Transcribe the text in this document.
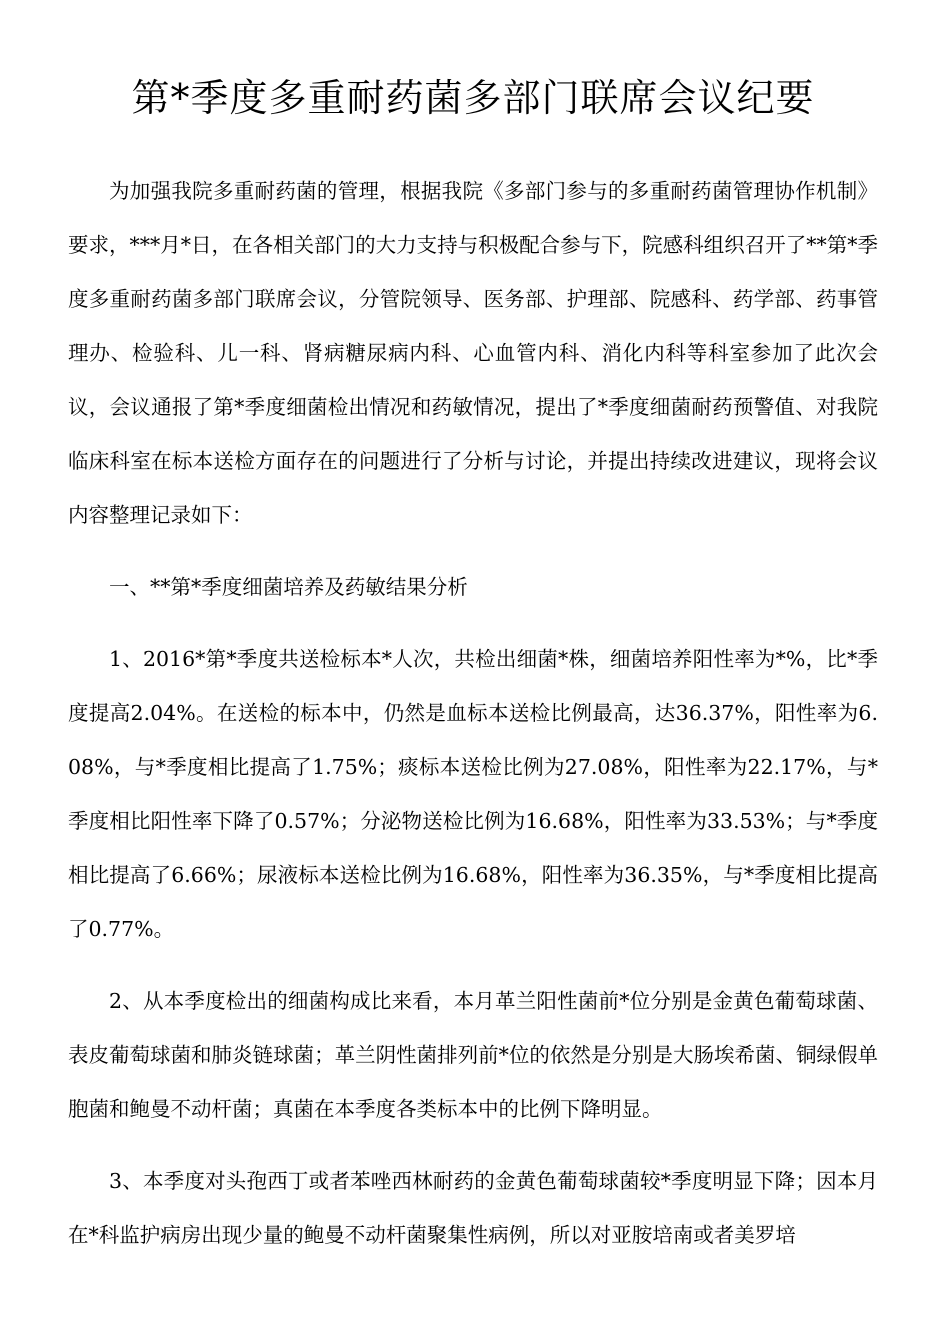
第*季度多重耐药菌多部门联席会议纪要

为加强我院多重耐药菌的管理，根据我院《多部门参与的多重耐药菌管理协作机制》要求，***月*日，在各相关部门的大力支持与积极配合参与下，院感科组织召开了**第*季度多重耐药菌多部门联席会议，分管院领导、医务部、护理部、院感科、药学部、药事管理办、检验科、儿一科、肾病糖尿病内科、心血管内科、消化内科等科室参加了此次会议，会议通报了第*季度细菌检出情况和药敏情况，提出了*季度细菌耐药预警值、对我院临床科室在标本送检方面存在的问题进行了分析与讨论，并提出持续改进建议，现将会议内容整理记录如下：

一、**第*季度细菌培养及药敏结果分析

1、2016*第*季度共送检标本*人次，共检出细菌*株，细菌培养阳性率为*%，比*季度提高2.04%。在送检的标本中，仍然是血标本送检比例最高，达36.37%，阳性率为6.08%，与*季度相比提高了1.75%；痰标本送检比例为27.08%，阳性率为22.17%，与*季度相比阳性率下降了0.57%；分泌物送检比例为16.68%，阳性率为33.53%；与*季度相比提高了6.66%；尿液标本送检比例为16.68%，阳性率为36.35%，与*季度相比提高了0.77%。

2、从本季度检出的细菌构成比来看，本月革兰阳性菌前*位分别是金黄色葡萄球菌、表皮葡萄球菌和肺炎链球菌；革兰阴性菌排列前*位的依然是分别是大肠埃希菌、铜绿假单胞菌和鲍曼不动杆菌；真菌在本季度各类标本中的比例下降明显。

3、本季度对头孢西丁或者苯唑西林耐药的金黄色葡萄球菌较*季度明显下降；因本月在*科监护病房出现少量的鲍曼不动杆菌聚集性病例，所以对亚胺培南或者美罗培
